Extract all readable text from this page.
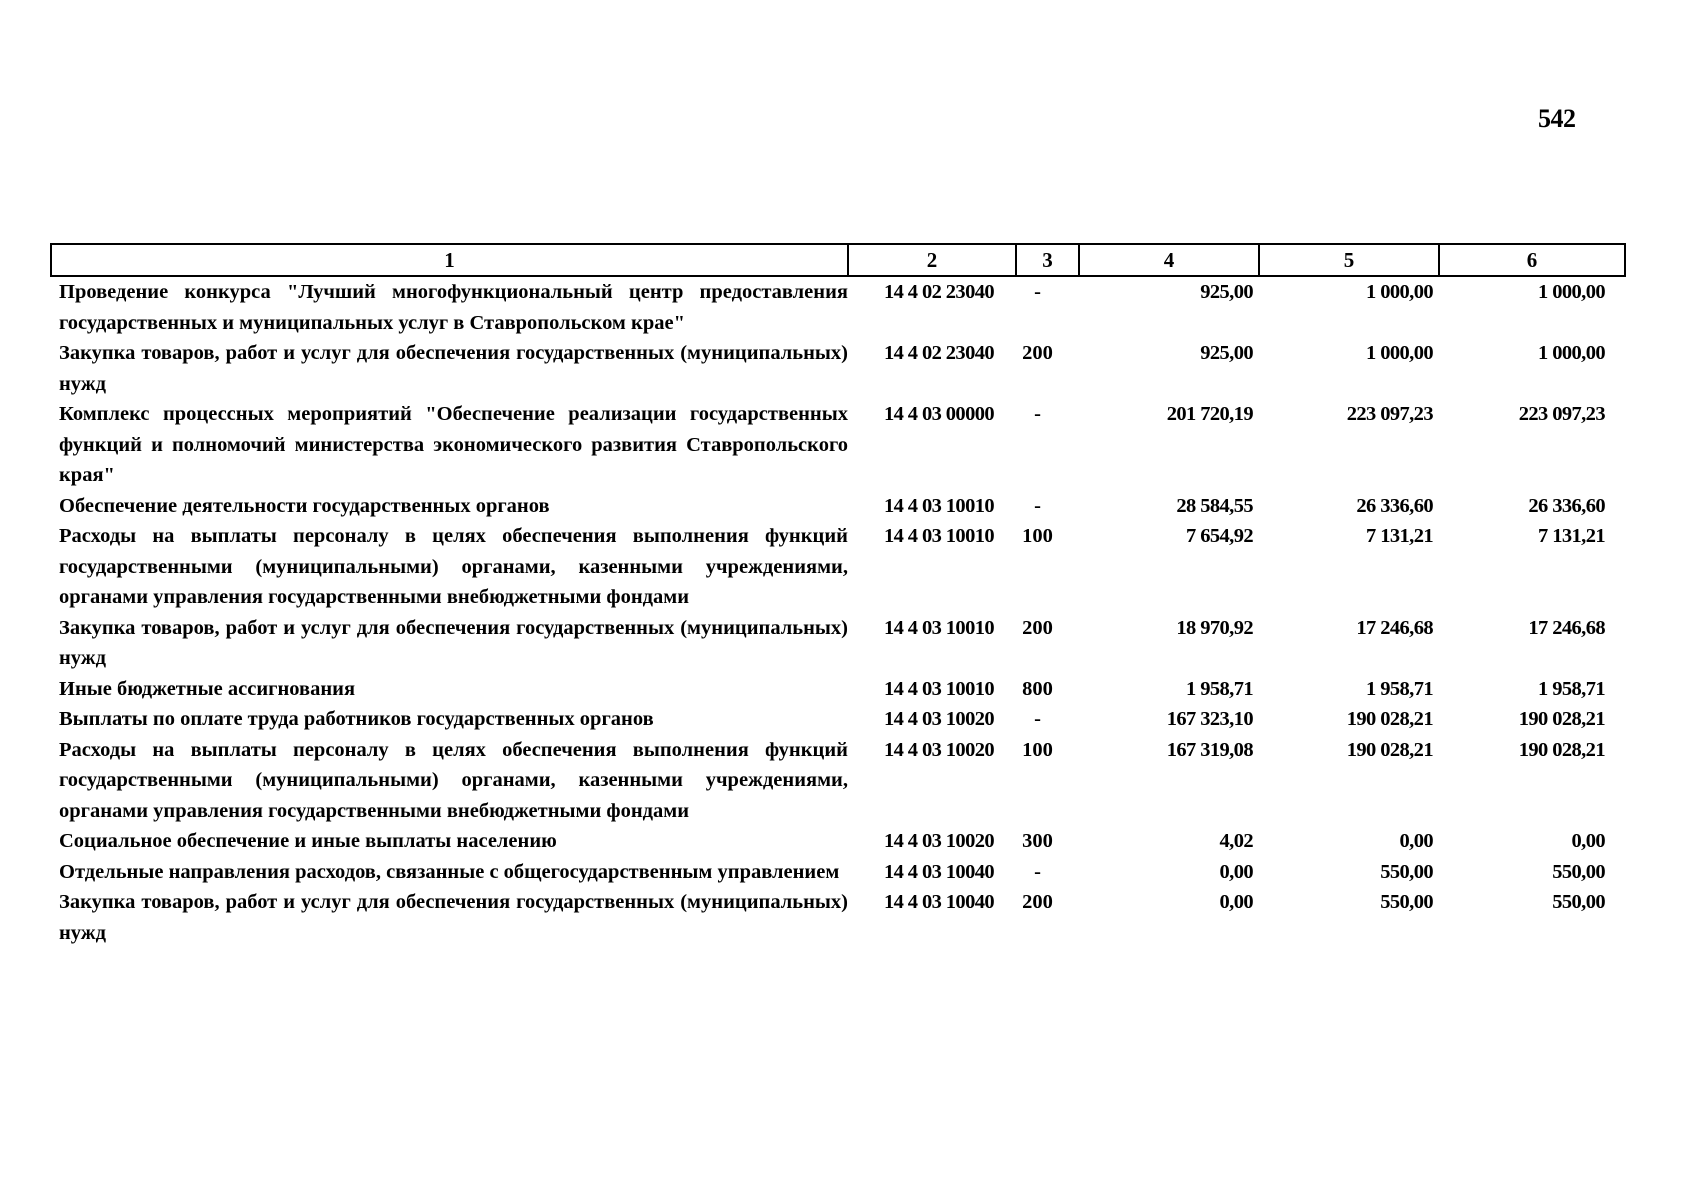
542
1	2	3	4	5	6
Проведение конкурса "Лучший многофункциональный центр предоставления государственных и муниципальных услуг в Ставропольском крае"	14 4 02 23040	-	925,00	1 000,00	1 000,00
Закупка товаров, работ и услуг для обеспечения государственных (муниципальных) нужд	14 4 02 23040	200	925,00	1 000,00	1 000,00
Комплекс процессных мероприятий "Обеспечение реализации государственных функций и полномочий министерства экономического развития Ставропольского края"	14 4 03 00000	-	201 720,19	223 097,23	223 097,23
Обеспечение деятельности государственных органов	14 4 03 10010	-	28 584,55	26 336,60	26 336,60
Расходы на выплаты персоналу в целях обеспечения выполнения функций государственными (муниципальными) органами, казенными учреждениями, органами управления государственными внебюджетными фондами	14 4 03 10010	100	7 654,92	7 131,21	7 131,21
Закупка товаров, работ и услуг для обеспечения государственных (муниципальных) нужд	14 4 03 10010	200	18 970,92	17 246,68	17 246,68
Иные бюджетные ассигнования	14 4 03 10010	800	1 958,71	1 958,71	1 958,71
Выплаты по оплате труда работников государственных органов	14 4 03 10020	-	167 323,10	190 028,21	190 028,21
Расходы на выплаты персоналу в целях обеспечения выполнения функций государственными (муниципальными) органами, казенными учреждениями, органами управления государственными внебюджетными фондами	14 4 03 10020	100	167 319,08	190 028,21	190 028,21
Социальное обеспечение и иные выплаты населению	14 4 03 10020	300	4,02	0,00	0,00
Отдельные направления расходов, связанные с общегосударственным управлением	14 4 03 10040	-	0,00	550,00	550,00
Закупка товаров, работ и услуг для обеспечения государственных (муниципальных) нужд	14 4 03 10040	200	0,00	550,00	550,00
